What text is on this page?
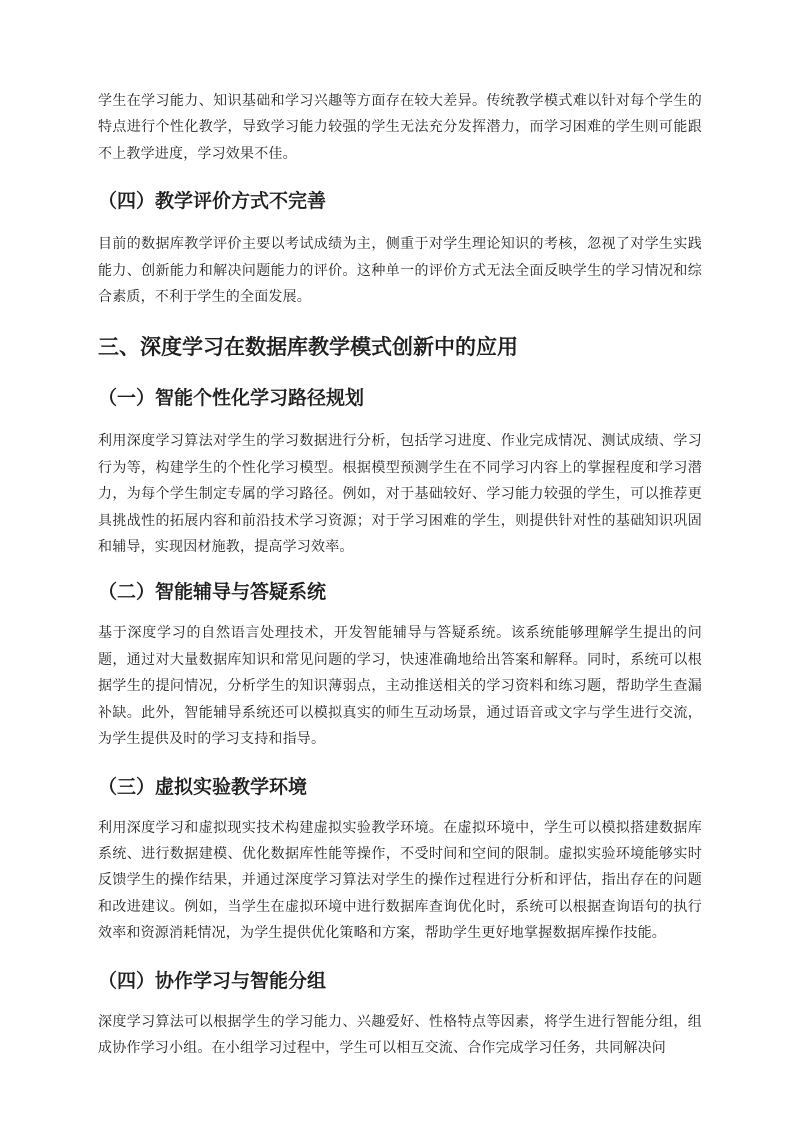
学生在学习能力、知识基础和学习兴趣等方面存在较大差异。传统教学模式难以针对每个学生的特点进行个性化教学，导致学习能力较强的学生无法充分发挥潜力，而学习困难的学生则可能跟不上教学进度，学习效果不佳。

（四）教学评价方式不完善

目前的数据库教学评价主要以考试成绩为主，侧重于对学生理论知识的考核，忽视了对学生实践能力、创新能力和解决问题能力的评价。这种单一的评价方式无法全面反映学生的学习情况和综合素质，不利于学生的全面发展。

三、深度学习在数据库教学模式创新中的应用
（一）智能个性化学习路径规划

利用深度学习算法对学生的学习数据进行分析，包括学习进度、作业完成情况、测试成绩、学习行为等，构建学生的个性化学习模型。根据模型预测学生在不同学习内容上的掌握程度和学习潜力，为每个学生制定专属的学习路径。例如，对于基础较好、学习能力较强的学生，可以推荐更具挑战性的拓展内容和前沿技术学习资源；对于学习困难的学生，则提供针对性的基础知识巩固和辅导，实现因材施教，提高学习效率。

（二）智能辅导与答疑系统

基于深度学习的自然语言处理技术，开发智能辅导与答疑系统。该系统能够理解学生提出的问题，通过对大量数据库知识和常见问题的学习，快速准确地给出答案和解释。同时，系统可以根据学生的提问情况，分析学生的知识薄弱点，主动推送相关的学习资料和练习题，帮助学生查漏补缺。此外，智能辅导系统还可以模拟真实的师生互动场景，通过语音或文字与学生进行交流，为学生提供及时的学习支持和指导。

（三）虚拟实验教学环境

利用深度学习和虚拟现实技术构建虚拟实验教学环境。在虚拟环境中，学生可以模拟搭建数据库系统、进行数据建模、优化数据库性能等操作，不受时间和空间的限制。虚拟实验环境能够实时反馈学生的操作结果，并通过深度学习算法对学生的操作过程进行分析和评估，指出存在的问题和改进建议。例如，当学生在虚拟环境中进行数据库查询优化时，系统可以根据查询语句的执行效率和资源消耗情况，为学生提供优化策略和方案，帮助学生更好地掌握数据库操作技能。

（四）协作学习与智能分组

深度学习算法可以根据学生的学习能力、兴趣爱好、性格特点等因素，将学生进行智能分组，组成协作学习小组。在小组学习过程中，学生可以相互交流、合作完成学习任务，共同解决问
